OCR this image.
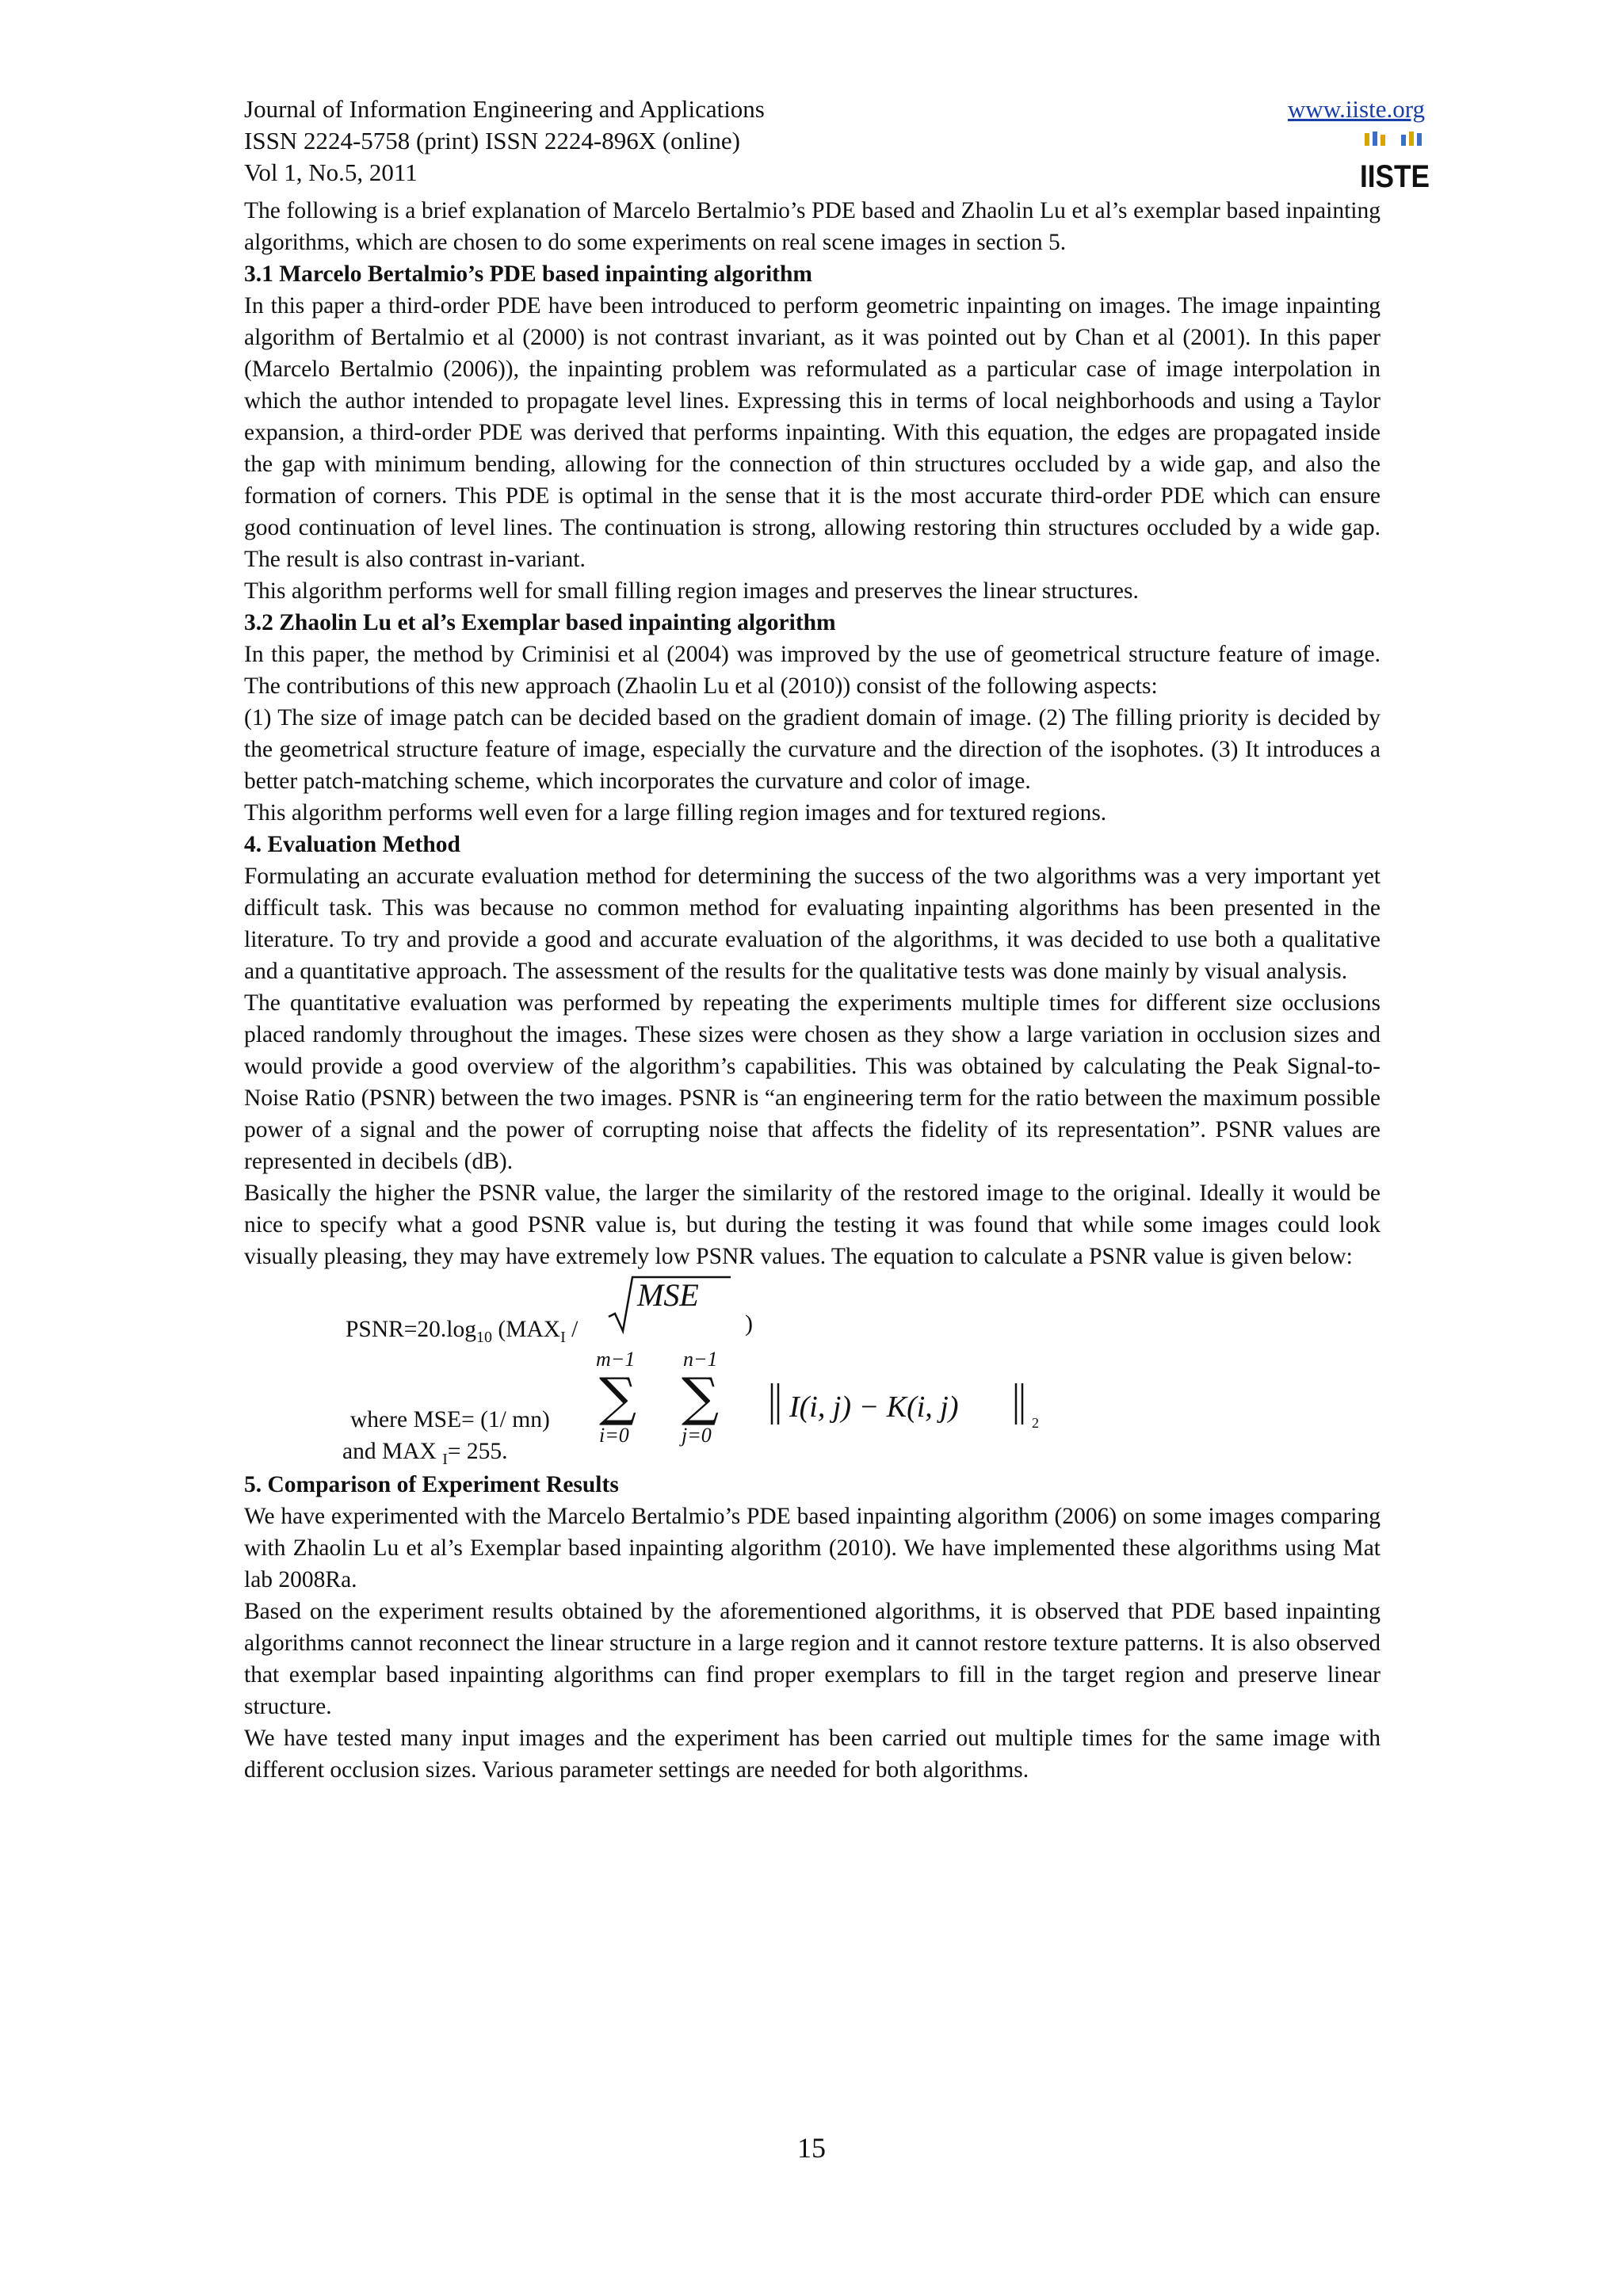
Journal of Information Engineering and Applications
ISSN 2224-5758 (print) ISSN 2224-896X (online)
Vol 1, No.5, 2011
www.iiste.org
IISTE

The following is a brief explanation of Marcelo Bertalmio’s PDE based and Zhaolin Lu et al’s exemplar based inpainting algorithms, which are chosen to do some experiments on real scene images in section 5.

3.1 Marcelo Bertalmio’s PDE based inpainting algorithm

In this paper a third-order PDE have been introduced to perform geometric inpainting on images. The image inpainting algorithm of Bertalmio et al (2000) is not contrast invariant, as it was pointed out by Chan et al (2001). In this paper (Marcelo Bertalmio (2006)), the inpainting problem was reformulated as a particular case of image interpolation in which the author intended to propagate level lines. Expressing this in terms of local neighborhoods and using a Taylor expansion, a third-order PDE was derived that performs inpainting. With this equation, the edges are propagated inside the gap with minimum bending, allowing for the connection of thin structures occluded by a wide gap, and also the formation of corners. This PDE is optimal in the sense that it is the most accurate third-order PDE which can ensure good continuation of level lines. The continuation is strong, allowing restoring thin structures occluded by a wide gap. The result is also contrast in-variant.

This algorithm performs well for small filling region images and preserves the linear structures.

3.2 Zhaolin Lu et al’s Exemplar based inpainting algorithm

In this paper, the method by Criminisi et al (2004) was improved by the use of geometrical structure feature of image. The contributions of this new approach (Zhaolin Lu et al (2010)) consist of the following aspects:

(1) The size of image patch can be decided based on the gradient domain of image. (2) The filling priority is decided by the geometrical structure feature of image, especially the curvature and the direction of the isophotes. (3) It introduces a better patch-matching scheme, which incorporates the curvature and color of image.

This algorithm performs well even for a large filling region images and for textured regions.

4. Evaluation Method

Formulating an accurate evaluation method for determining the success of the two algorithms was a very important yet difficult task. This was because no common method for evaluating inpainting algorithms has been presented in the literature. To try and provide a good and accurate evaluation of the algorithms, it was decided to use both a qualitative and a quantitative approach. The assessment of the results for the qualitative tests was done mainly by visual analysis.

The quantitative evaluation was performed by repeating the experiments multiple times for different size occlusions placed randomly throughout the images. These sizes were chosen as they show a large variation in occlusion sizes and would provide a good overview of the algorithm’s capabilities. This was obtained by calculating the Peak Signal-to-Noise Ratio (PSNR) between the two images. PSNR is “an engineering term for the ratio between the maximum possible power of a signal and the power of corrupting noise that affects the fidelity of its representation”. PSNR values are represented in decibels (dB).

Basically the higher the PSNR value, the larger the similarity of the restored image to the original. Ideally it would be nice to specify what a good PSNR value is, but during the testing it was found that while some images could look visually pleasing, they may have extremely low PSNR values. The equation to calculate a PSNR value is given below:

$PSNR=20.\log_{10}$ ($MAX_I$ /
MSE
)
m−1
∑
i=0
n−1
∑
j=0
I(i, j) − K(i, j)	2
where MSE= (1/ mn)
and MAX $_I$= 255.
5. Comparison of Experiment Results

We have experimented with the Marcelo Bertalmio’s PDE based inpainting algorithm (2006) on some images comparing with Zhaolin Lu et al’s Exemplar based inpainting algorithm (2010). We have implemented these algorithms using Mat lab 2008Ra.

Based on the experiment results obtained by the aforementioned algorithms, it is observed that PDE based inpainting algorithms cannot reconnect the linear structure in a large region and it cannot restore texture patterns. It is also observed that exemplar based inpainting algorithms can find proper exemplars to fill in the target region and preserve linear structure.

We have tested many input images and the experiment has been carried out multiple times for the same image with different occlusion sizes. Various parameter settings are needed for both algorithms.

15
